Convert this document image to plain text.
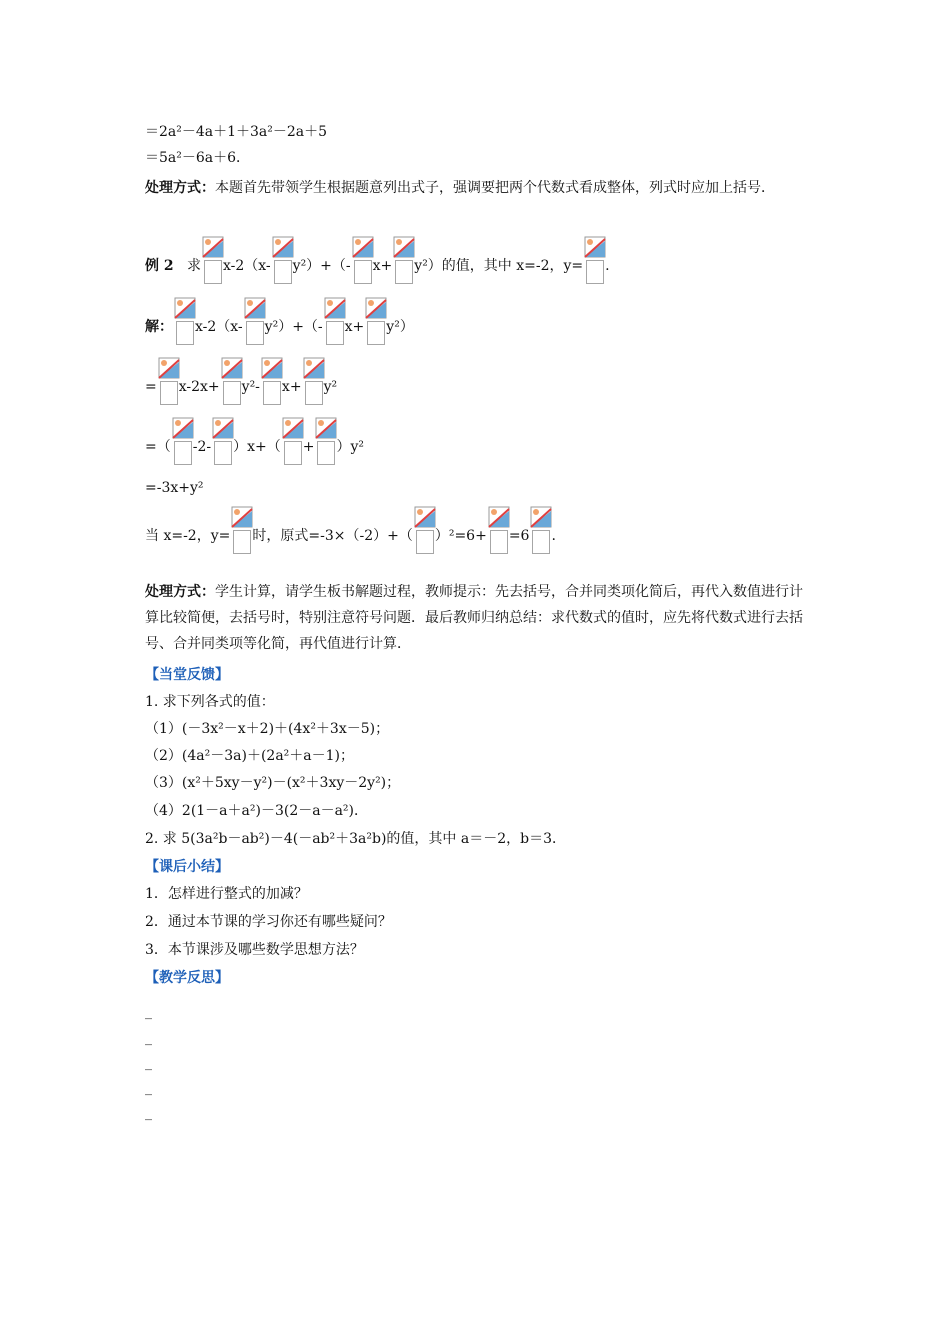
＝2a²－4a＋1＋3a²－2a＋5
＝5a²－6a＋6．
处理方式：本题首先带领学生根据题意列出式子，强调要把两个代数式看成整体，列式时应加上括号．
例 2 求 x-2（x- y²）+（- x+ y²）的值，其中 x=-2，y= .
解： x-2（x- y²）+（- x+ y²）
= x-2x+ y²- x+ y²
=（ -2- ）x+（ + ）y²
=-3x+y²
当 x=-2，y= 时，原式=-3×（-2）+（ ）²=6+ =6 .
处理方式：学生计算，请学生板书解题过程，教师提示：先去括号，合并同类项化简后，再代入数值进行计算比较简便，去括号时，特别注意符号问题．最后教师归纳总结：求代数式的值时，应先将代数式进行去括号、合并同类项等化简，再代值进行计算．
【当堂反馈】
1. 求下列各式的值：
（1）(－3x²－x＋2)＋(4x²＋3x－5)；
（2）(4a²－3a)＋(2a²＋a－1)；
（3）(x²＋5xy－y²)－(x²＋3xy－2y²)；
（4）2(1－a＋a²)－3(2－a－a²)．
2. 求 5(3a²b－ab²)－4(－ab²＋3a²b)的值，其中 a＝－2，b＝3．
【课后小结】
1．怎样进行整式的加减？
2．通过本节课的学习你还有哪些疑问？
3．本节课涉及哪些数学思想方法？
【教学反思】
_
_
_
_
_
